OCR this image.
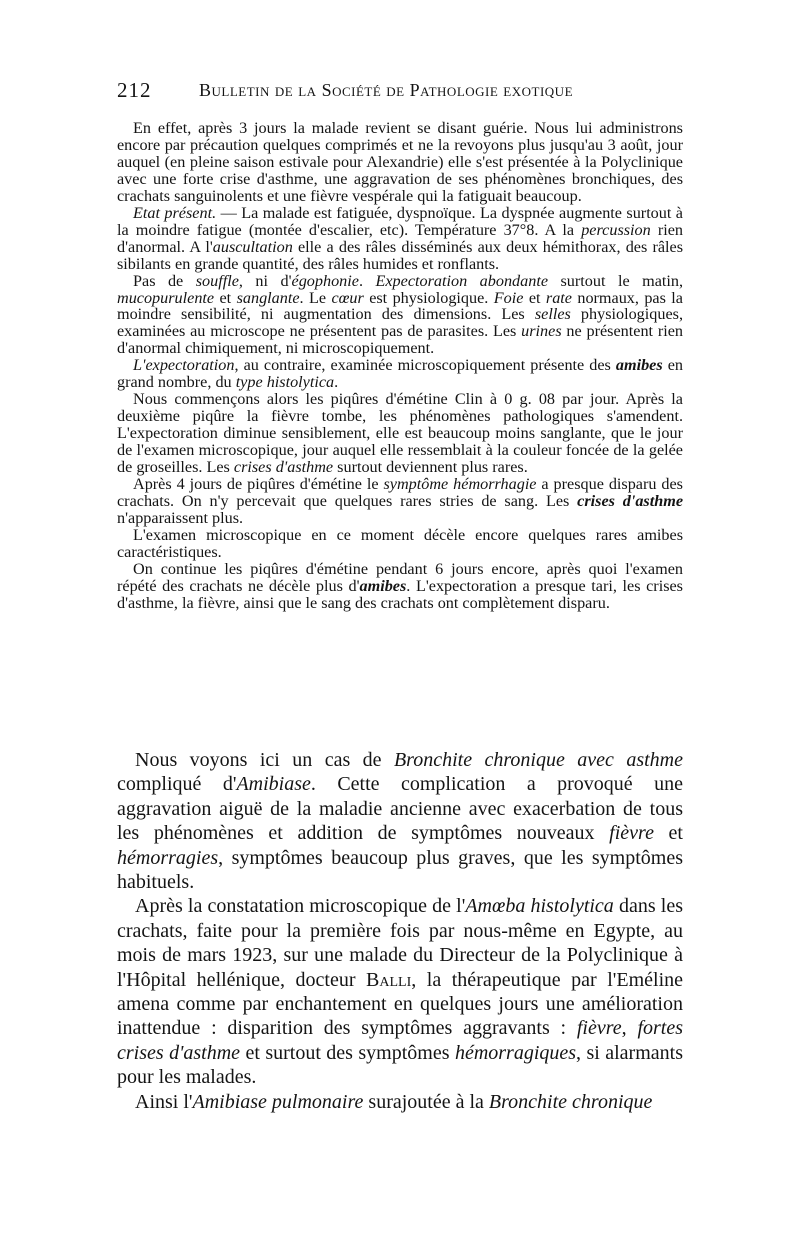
212	Bulletin de la Société de Pathologie exotique

En effet, après 3 jours la malade revient se disant guérie. Nous lui administrons encore par précaution quelques comprimés et ne la revoyons plus jusqu'au 3 août, jour auquel (en pleine saison estivale pour Alexandrie) elle s'est présentée à la Polyclinique avec une forte crise d'asthme, une aggravation de ses phénomènes bronchiques, des crachats sanguinolents et une fièvre vespérale qui la fatiguait beaucoup.

Etat présent. — La malade est fatiguée, dyspnoïque. La dyspnée augmente surtout à la moindre fatigue (montée d'escalier, etc). Température 37°8. A la percussion rien d'anormal. A l'auscultation elle a des râles disséminés aux deux hémithorax, des râles sibilants en grande quantité, des râles humides et ronflants.

Pas de souffle, ni d'égophonie. Expectoration abondante surtout le matin, mucopurulente et sanglante. Le cœur est physiologique. Foie et rate normaux, pas la moindre sensibilité, ni augmentation des dimensions. Les selles physiologiques, examinées au microscope ne présentent pas de parasites. Les urines ne présentent rien d'anormal chimiquement, ni microscopiquement.

L'expectoration, au contraire, examinée microscopiquement présente des amibes en grand nombre, du type histolytica.

Nous commençons alors les piqûres d'émétine Clin à 0 g. 08 par jour. Après la deuxième piqûre la fièvre tombe, les phénomènes pathologiques s'amendent. L'expectoration diminue sensiblement, elle est beaucoup moins sanglante, que le jour de l'examen microscopique, jour auquel elle ressemblait à la couleur foncée de la gelée de groseilles. Les crises d'asthme surtout deviennent plus rares.

Après 4 jours de piqûres d'émétine le symptôme hémorrhagie a presque disparu des crachats. On n'y percevait que quelques rares stries de sang. Les crises d'asthme n'apparaissent plus.

L'examen microscopique en ce moment décèle encore quelques rares amibes caractéristiques.

On continue les piqûres d'émétine pendant 6 jours encore, après quoi l'examen répété des crachats ne décèle plus d'amibes. L'expectoration a presque tari, les crises d'asthme, la fièvre, ainsi que le sang des crachats ont complètement disparu.

Nous voyons ici un cas de Bronchite chronique avec asthme compliqué d'Amibiase. Cette complication a provoqué une aggravation aiguë de la maladie ancienne avec exacerbation de tous les phénomènes et addition de symptômes nouveaux fièvre et hémorragies, symptômes beaucoup plus graves, que les symptômes habituels.

Après la constatation microscopique de l'Amœba histolytica dans les crachats, faite pour la première fois par nous-même en Egypte, au mois de mars 1923, sur une malade du Directeur de la Polyclinique à l'Hôpital hellénique, docteur Balli, la thérapeutique par l'Eméline amena comme par enchantement en quelques jours une amélioration inattendue : disparition des symptômes aggravants : fièvre, fortes crises d'asthme et surtout des symptômes hémorragiques, si alarmants pour les malades.

Ainsi l'Amibiase pulmonaire surajoutée à la Bronchite chronique
